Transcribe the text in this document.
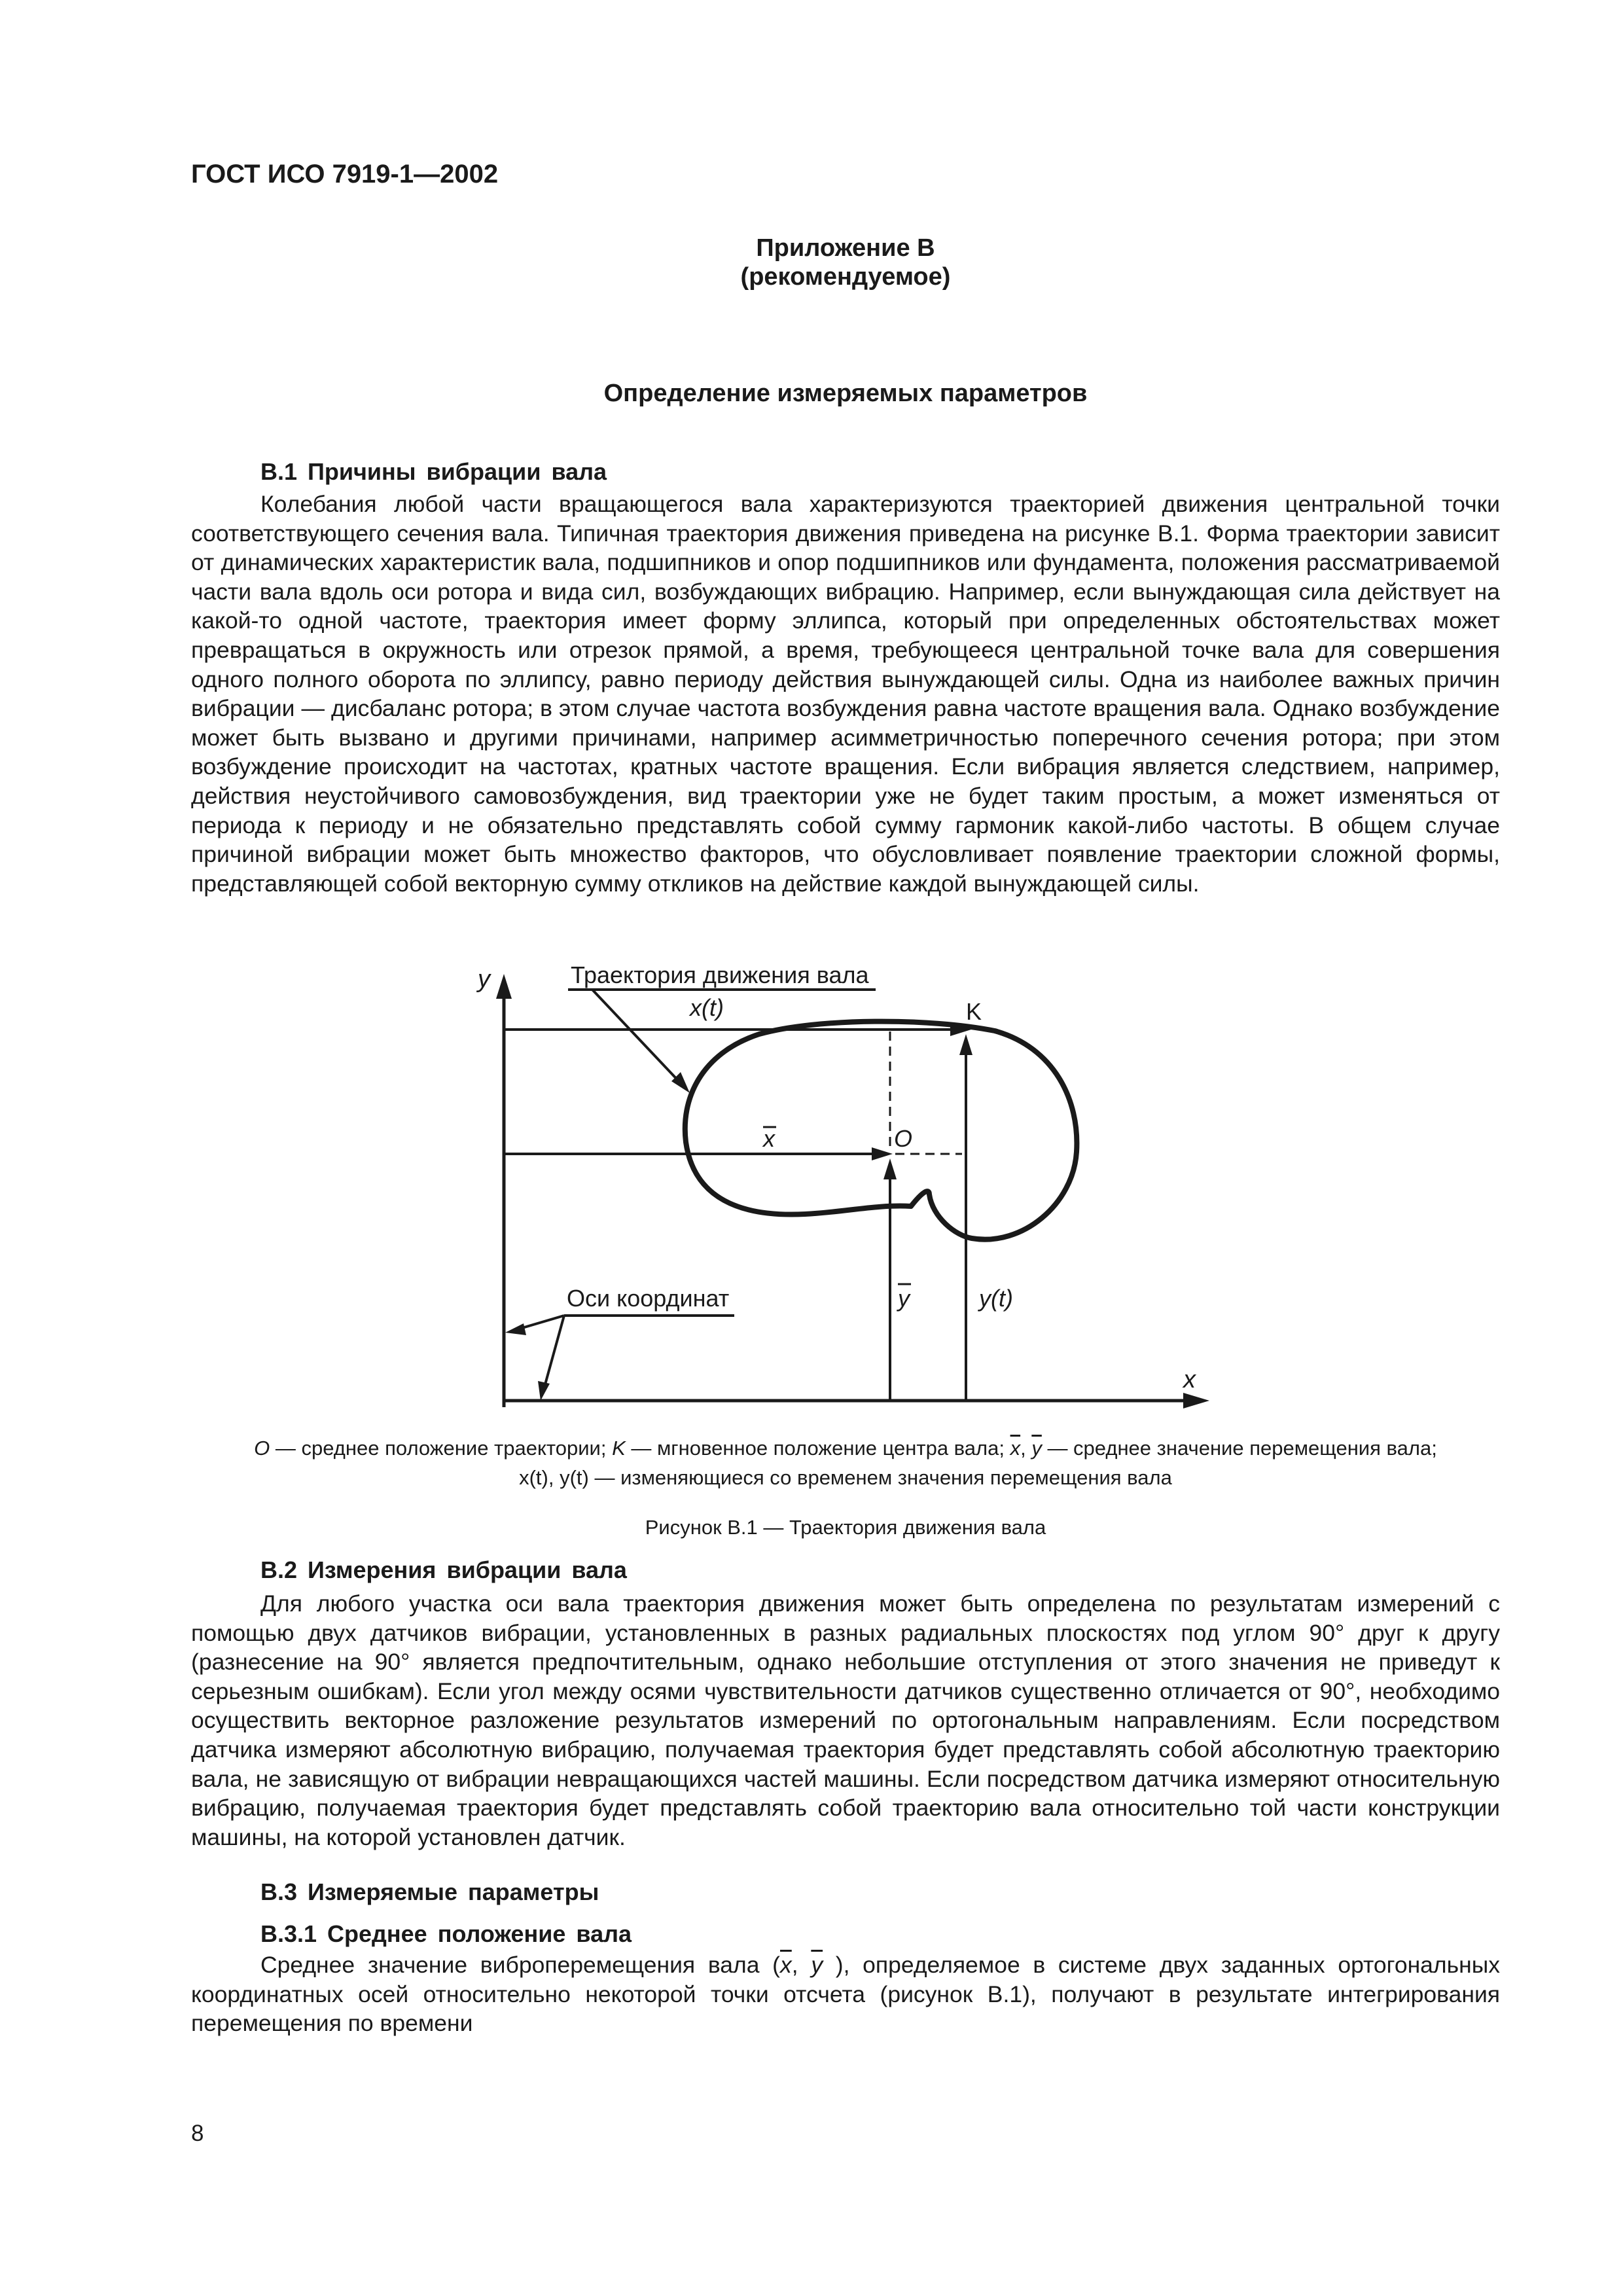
ГОСТ ИСО 7919-1—2002
Приложение В
(рекомендуемое)
Определение измеряемых параметров
В.1 Причины вибрации вала

Колебания любой части вращающегося вала характеризуются траекторией движения центральной точки соответствующего сечения вала. Типичная траектория движения приведена на рисунке В.1. Форма траектории зависит от динамических характеристик вала, подшипников и опор подшипников или фундамента, положения рассматриваемой части вала вдоль оси ротора и вида сил, возбуждающих вибрацию. Например, если вынуждающая сила действует на какой-то одной частоте, траектория имеет форму эллипса, который при определенных обстоятельствах может превращаться в окружность или отрезок прямой, а время, требующееся центральной точке вала для совершения одного полного оборота по эллипсу, равно периоду действия вынуждающей силы. Одна из наиболее важных причин вибрации — дисбаланс ротора; в этом случае частота возбуждения равна частоте вращения вала. Однако возбуждение может быть вызвано и другими причинами, например асимметричностью поперечного сечения ротора; при этом возбуждение происходит на частотах, кратных частоте вращения. Если вибрация является следствием, например, действия неустойчивого самовозбуждения, вид траектории уже не будет таким простым, а может изменяться от периода к периоду и не обязательно представлять собой сумму гармоник какой-либо частоты. В общем случае причиной вибрации может быть множество факторов, что обусловливает появление траектории сложной формы, представляющей собой векторную сумму откликов на действие каждой вынуждающей силы.

y
x
Траектория движения вала
x(t)	K
x	O
Оси координат	y	y(t)
O — среднее положение траектории; K — мгновенное положение центра вала; $\overline{x}$, $\overline{y}$ — среднее значение перемещения вала;
x(t), y(t) — изменяющиеся со временем значения перемещения вала
Рисунок В.1 — Траектория движения вала
В.2 Измерения вибрации вала

Для любого участка оси вала траектория движения может быть определена по результатам измерений с помощью двух датчиков вибрации, установленных в разных радиальных плоскостях под углом 90° друг к другу (разнесение на 90° является предпочтительным, однако небольшие отступления от этого значения не приведут к серьезным ошибкам). Если угол между осями чувствительности датчиков существенно отличается от 90°, необходимо осуществить векторное разложение результатов измерений по ортогональным направлениям. Если посредством датчика измеряют абсолютную вибрацию, получаемая траектория будет представлять собой абсолютную траекторию вала, не зависящую от вибрации невращающихся частей машины. Если посредством датчика измеряют относительную вибрацию, получаемая траектория будет представлять собой траекторию вала относительно той части конструкции машины, на которой установлен датчик.

В.3 Измеряемые параметры
В.3.1 Среднее положение вала

Среднее значение виброперемещения вала ($\overline{x}$, $\overline{y}$ ), определяемое в системе двух заданных ортогональных координатных осей относительно некоторой точки отсчета (рисунок В.1), получают в результате интегрирования перемещения по времени

8
